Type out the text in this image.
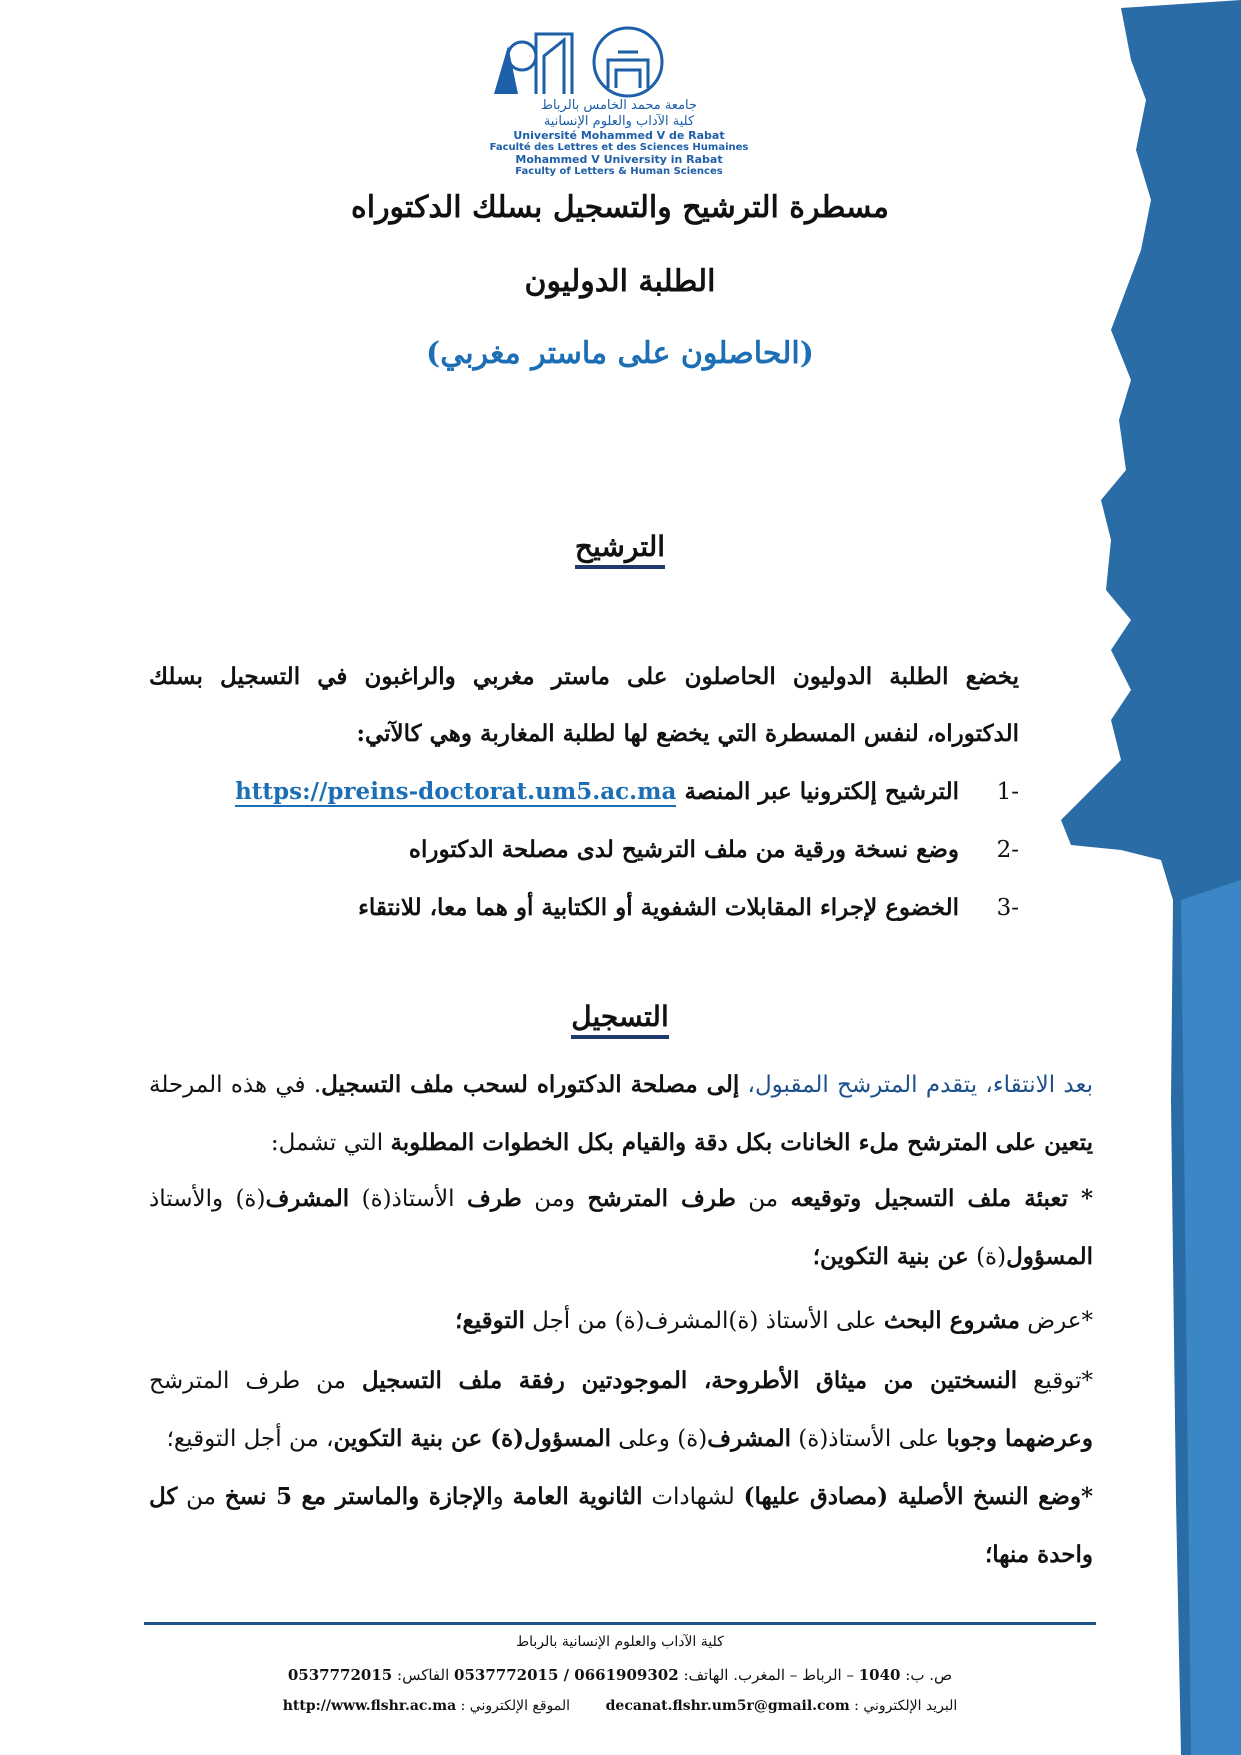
جامعة محمد الخامس بالرباط
كلية الآداب والعلوم الإنسانية
Université Mohammed V de Rabat
Faculté des Lettres et des Sciences Humaines
Mohammed V University in Rabat
Faculty of Letters & Human Sciences
مسطرة الترشيح والتسجيل بسلك الدكتوراه
الطلبة الدوليون
(الحاصلون على ماستر مغربي)
الترشيح
يخضع الطلبة الدوليون الحاصلون على ماستر مغربي والراغبون في التسجيل بسلك الدكتوراه، لنفس المسطرة التي يخضع لها لطلبة المغاربة وهي كالآتي:
-1الترشيح إلكترونيا عبر المنصة https://preins-doctorat.um5.ac.ma
-2وضع نسخة ورقية من ملف الترشيح لدى مصلحة الدكتوراه
-3الخضوع لإجراء المقابلات الشفوية أو الكتابية أو هما معا، للانتقاء
التسجيل
بعد الانتقاء، يتقدم المترشح المقبول، إلى مصلحة الدكتوراه لسحب ملف التسجيل. في هذه المرحلة يتعين على المترشح ملء الخانات بكل دقة والقيام بكل الخطوات المطلوبة التي تشمل:
* تعبئة ملف التسجيل وتوقيعه من طرف المترشح ومن طرف الأستاذ(ة) المشرف(ة) والأستاذ المسؤول(ة) عن بنية التكوين؛
*عرض مشروع البحث على الأستاذ (ة)المشرف(ة) من أجل التوقيع؛
*توقيع النسختين من ميثاق الأطروحة، الموجودتين رفقة ملف التسجيل من طرف المترشح وعرضهما وجوبا على الأستاذ(ة) المشرف(ة) وعلى المسؤول(ة) عن بنية التكوين، من أجل التوقيع؛
*وضع النسخ الأصلية (مصادق عليها) لشهادات الثانوية العامة والإجازة والماستر مع 5 نسخ من كل واحدة منها؛
كلية الآداب والعلوم الإنسانية بالرباط
ص. ب: 1040 – الرباط – المغرب. الهاتف: 0537772015 / 0661909302 الفاكس: 0537772015
البريد الإلكتروني : decanat.flshr.um5r@gmail.com        الموقع الإلكتروني : http://www.flshr.ac.ma
